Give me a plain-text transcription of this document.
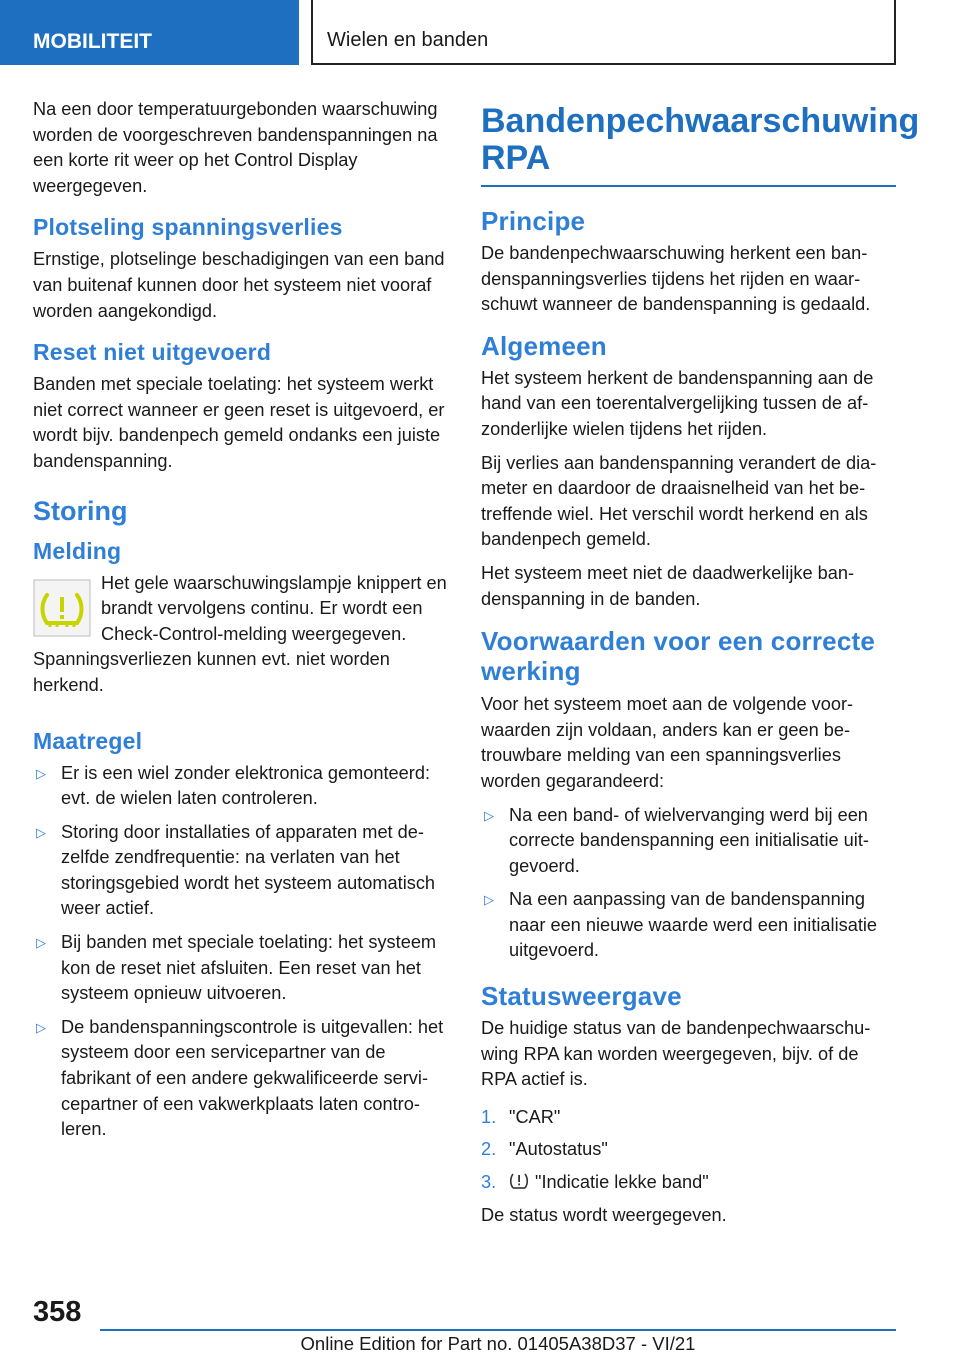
MOBILITEIT	Wielen en banden

Na een door temperatuurgebonden waarschuwing worden de voorgeschreven bandenspanningen na een korte rit weer op het Control Display weergegeven.

Plotseling spanningsverlies

Ernstige, plotselinge beschadigingen van een band van buitenaf kunnen door het systeem niet vooraf worden aangekondigd.

Reset niet uitgevoerd

Banden met speciale toelating: het systeem werkt niet correct wanneer er geen reset is uitgevoerd, er wordt bijv. bandenpech gemeld ondanks een juiste bandenspanning.

Storing
Melding

Het gele waarschuwingslampje knippert en brandt vervolgens continu. Er wordt een Check-Control-melding weergegeven. Spanningsverliezen kunnen evt. niet worden herkend.

Maatregel
▷ Er is een wiel zonder elektronica gemonteerd: evt. de wielen laten controleren.
▷ Storing door installaties of apparaten met dezelfde zendfrequentie: na verlaten van het storingsgebied wordt het systeem automatisch weer actief.
▷ Bij banden met speciale toelating: het systeem kon de reset niet afsluiten. Een reset van het systeem opnieuw uitvoeren.
▷ De bandenspanningscontrole is uitgevallen: het systeem door een servicepartner van de fabrikant of een andere gekwalificeerde servicepartner of een vakwerkplaats laten controleren.
Bandenpechwaarschuwing RPA
Principe

De bandenpechwaarschuwing herkent een bandenspanningsverlies tijdens het rijden en waarschuwt wanneer de bandenspanning is gedaald.

Algemeen

Het systeem herkent de bandenspanning aan de hand van een toerentalvergelijking tussen de afzonderlijke wielen tijdens het rijden.

Bij verlies aan bandenspanning verandert de diameter en daardoor de draaisnelheid van het betreffende wiel. Het verschil wordt herkend en als bandenpech gemeld.

Het systeem meet niet de daadwerkelijke bandenspanning in de banden.

Voorwaarden voor een correcte werking

Voor het systeem moet aan de volgende voorwaarden zijn voldaan, anders kan er geen betrouwbare melding van een spanningsverlies worden gegarandeerd:

▷ Na een band- of wielvervanging werd bij een correcte bandenspanning een initialisatie uitgevoerd.
▷ Na een aanpassing van de bandenspanning naar een nieuwe waarde werd een initialisatie uitgevoerd.
Statusweergave

De huidige status van de bandenpechwaarschuwing RPA kan worden weergegeven, bijv. of de RPA actief is.

1. "CAR"
2. "Autostatus"
3. "Indicatie lekke band"

De status wordt weergegeven.

358
Online Edition for Part no. 01405A38D37 - VI/21
